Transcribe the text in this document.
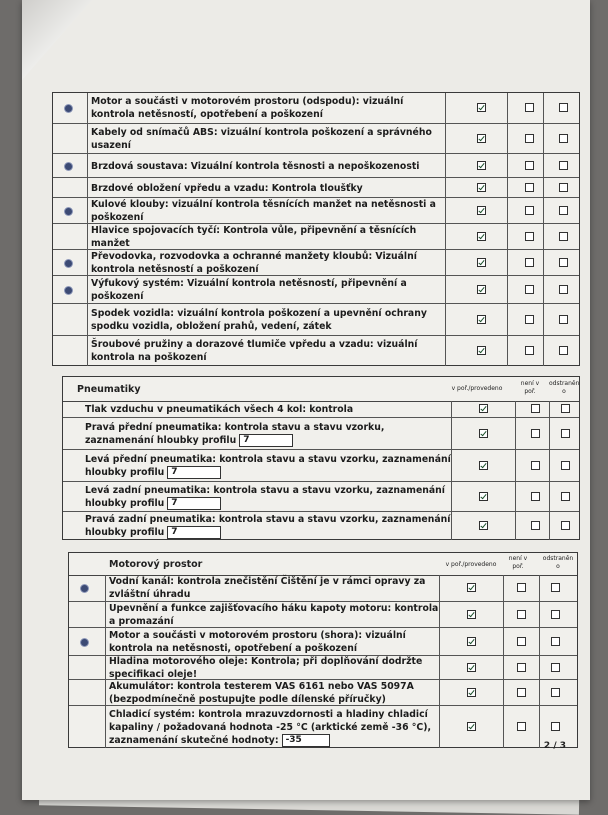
Motor a součásti v motorovém prostoru (odspodu): vizuální kontrola netěsností, opotřebení a poškození
Kabely od snímačů ABS: vizuální kontrola poškození a správného usazení
Brzdová soustava: Vizuální kontrola těsnosti a nepoškozenosti
Brzdové obložení vpředu a vzadu: Kontrola tloušťky
Kulové klouby: vizuální kontrola těsnících manžet na netěsnosti a poškození
Hlavice spojovacích tyčí: Kontrola vůle, připevnění a těsnících manžet
Převodovka, rozvodovka a ochranné manžety kloubů: Vizuální kontrola netěsností a poškození
Výfukový systém: Vizuální kontrola netěsností, připevnění a poškození
Spodek vozidla: vizuální kontrola poškození a upevnění ochrany spodku vozidla, obložení prahů, vedení, zátek
Šroubové pružiny a dorazové tlumiče vpředu a vzadu: vizuální kontrola na poškození
Pneumatiky	v poř./provedeno
není v poř.
odstraněn o
Tlak vzduchu v pneumatikách všech 4 kol: kontrola
Pravá přední pneumatika: kontrola stavu a stavu vzorku, zaznamenání hloubky profilu 7
Levá přední pneumatika: kontrola stavu a stavu vzorku, zaznamenání hloubky profilu 7
Levá zadní pneumatika: kontrola stavu a stavu vzorku, zaznamenání hloubky profilu 7
Pravá zadní pneumatika: kontrola stavu a stavu vzorku, zaznamenání hloubky profilu 7
Motorový prostor	v poř./provedeno
není v poř.
odstraněn o
Vodní kanál: kontrola znečistění Čištění je v rámci opravy za zvláštní úhradu
Upevnění a funkce zajišťovacího háku kapoty motoru: kontrola a promazání
Motor a součásti v motorovém prostoru (shora): vizuální kontrola na netěsnosti, opotřebení a poškození
Hladina motorového oleje: Kontrola; při doplňování dodržte specifikaci oleje!
Akumulátor: kontrola testerem VAS 6161 nebo VAS 5097A (bezpodmínečně postupujte podle dílenské příručky)
Chladicí systém: kontrola mrazuvzdornosti a hladiny chladicí kapaliny / požadovaná hodnota -25 °C (arktické země -36 °C), zaznamenání skutečné hodnoty: -35
2 / 3
